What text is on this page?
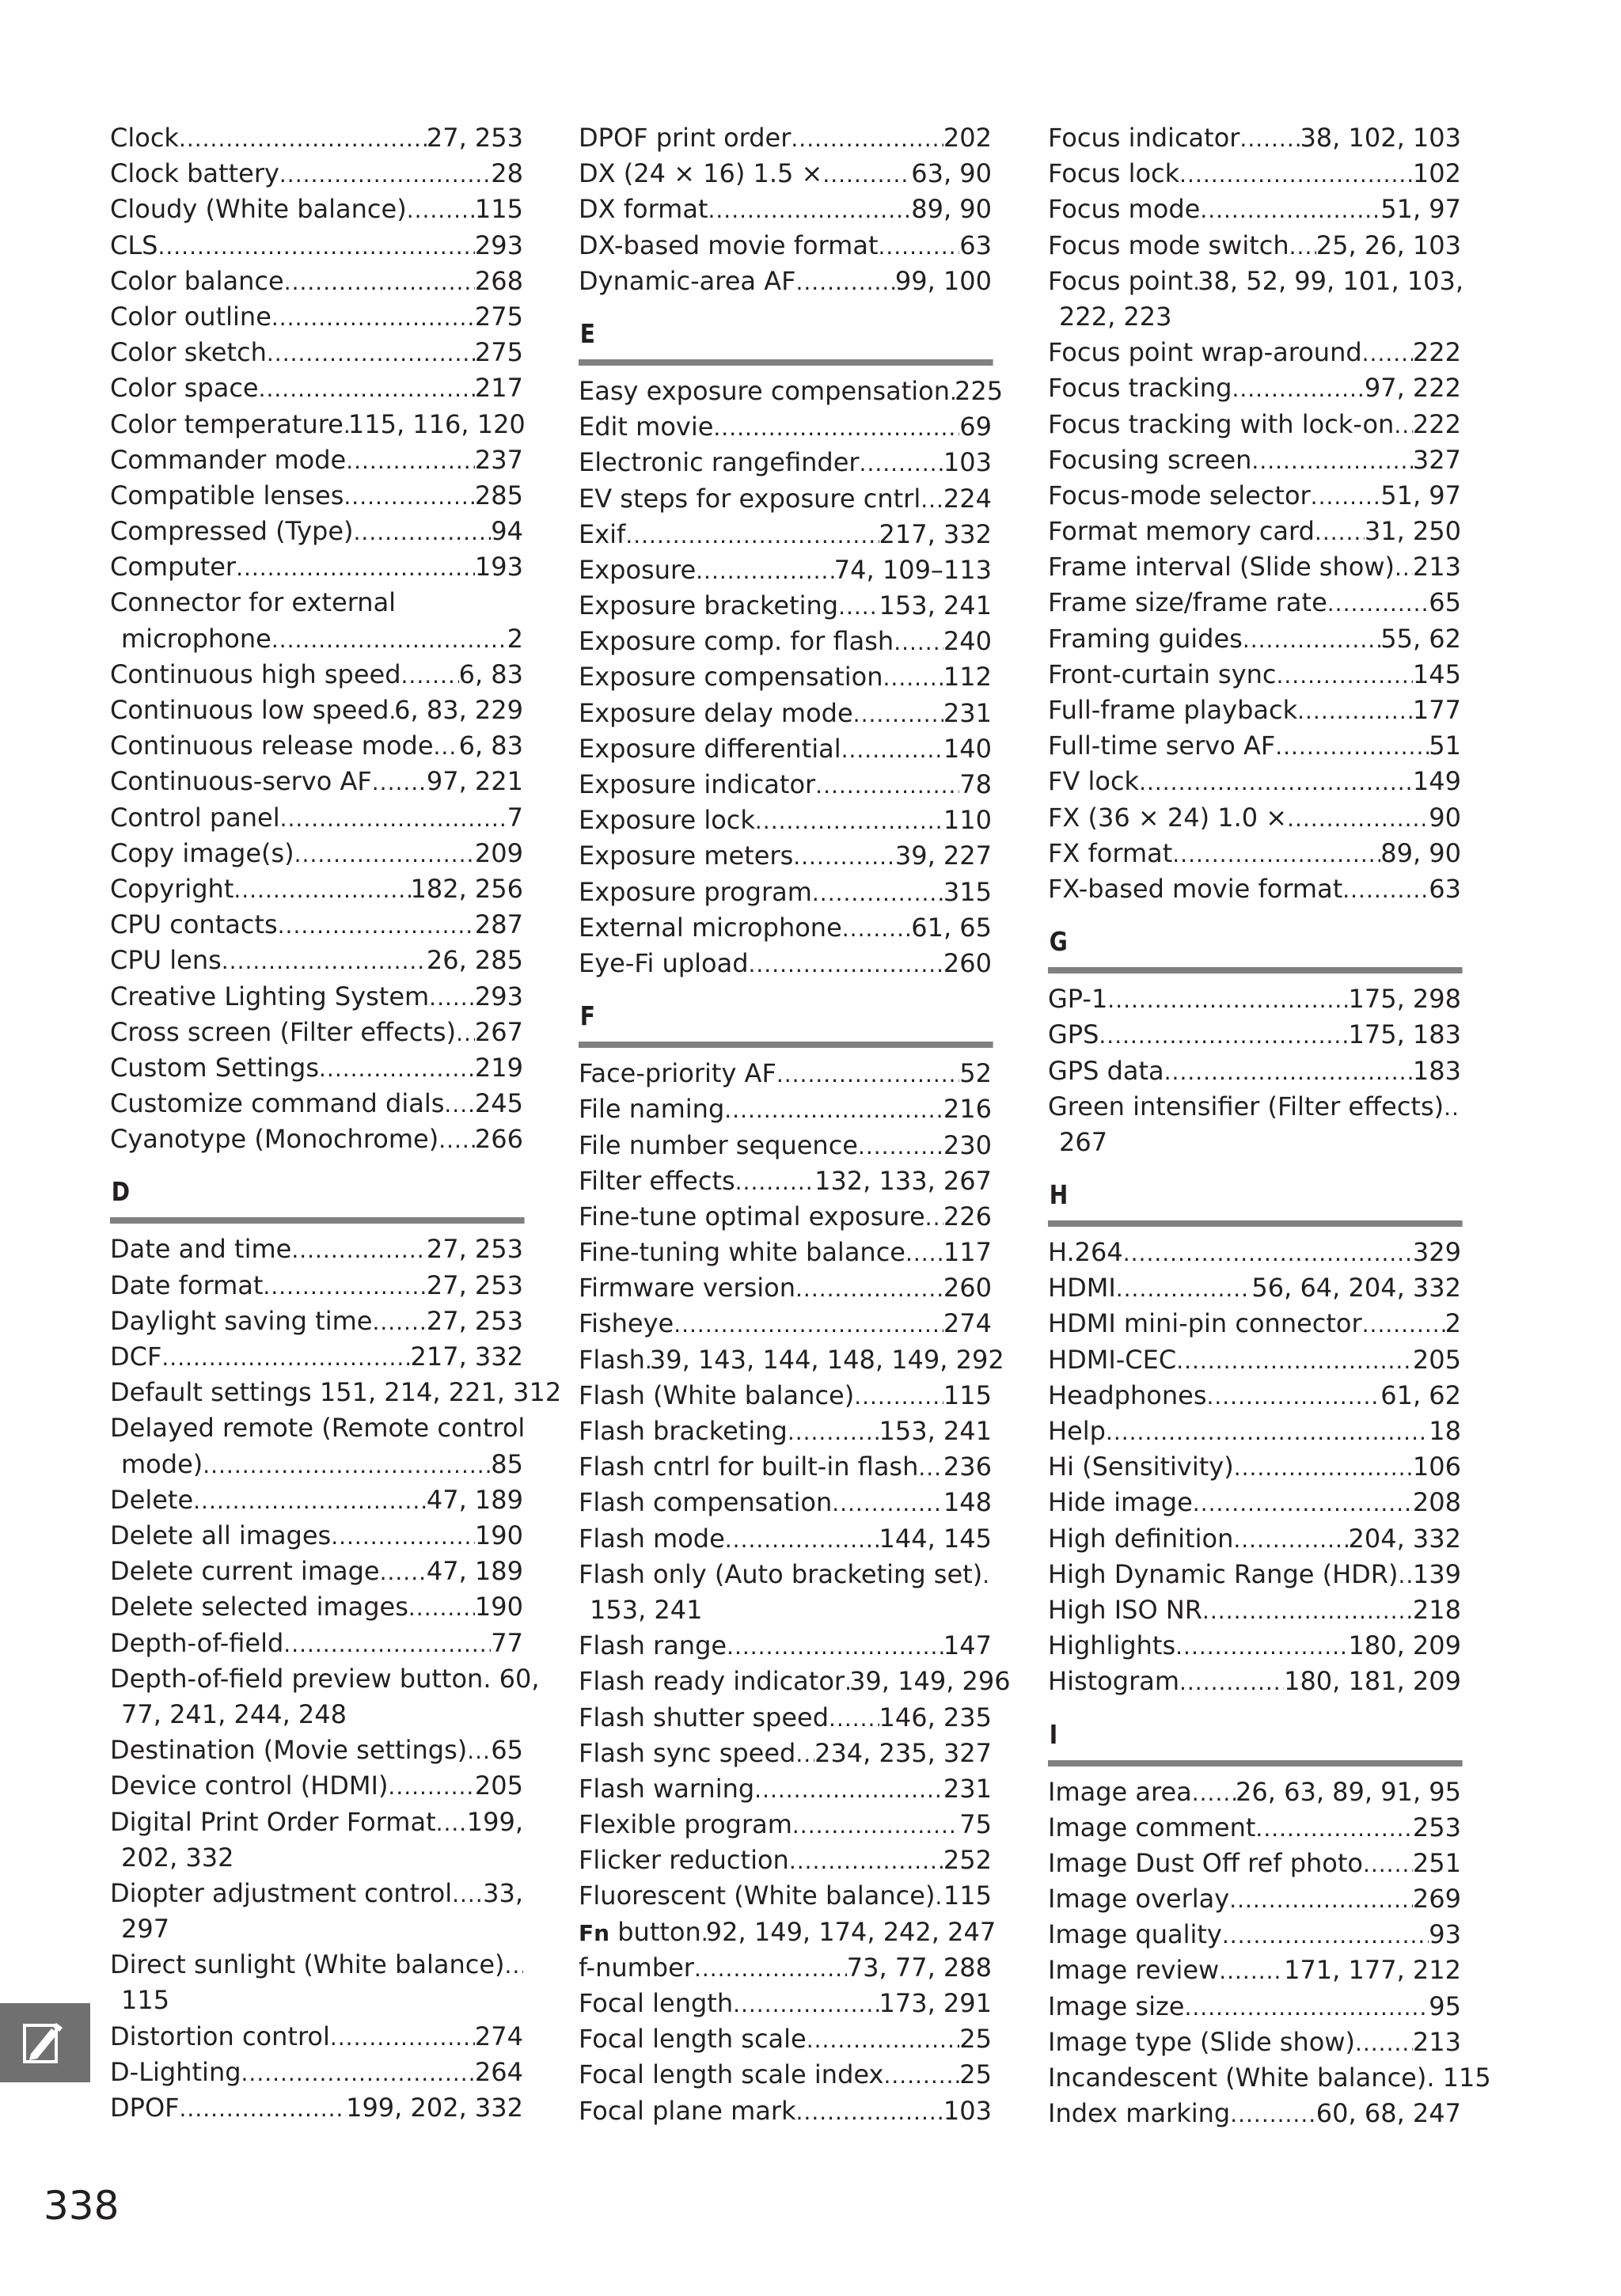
Clock .....	27, 253
Clock battery .....	28
Cloudy (White balance) .....	115
CLS .....	293
Color balance .....	268
Color outline .....	275
Color sketch .....	275
Color space .....	217
Color temperature ..... 115, 116, 120
Commander mode .....	237
Compatible lenses .....	285
Compressed (Type) .....	94
Computer .....	193
Connector for external
microphone .....	2
Continuous high speed ..... 6, 83
Continuous low speed ..... 6, 83, 229
Continuous release mode ..... 6, 83
Continuous-servo AF ..... 97, 221
Control panel .....	7
Copy image(s) .....	209
Copyright .....	182, 256
CPU contacts .....	287
CPU lens .....	26, 285
Creative Lighting System ..... 293
Cross screen (Filter effects) ..... 267
Custom Settings .....	219
Customize command dials ..... 245
Cyanotype (Monochrome) ..... 266
D
Date and time .....	27, 253
Date format .....	27, 253
Daylight saving time ..... 27, 253
DCF .....	217, 332
Default settings 151, 214, 221, 312
Delayed remote (Remote control
mode) .....	85
Delete .....	47, 189
Delete all images .....	190
Delete current image ..... 47, 189
Delete selected images .....	190
Depth-of-field .....	77
Depth-of-field preview button. 60,
77, 241, 244, 248
Destination (Movie settings) ..... 65
Device control (HDMI) .....	205
Digital Print Order Format ..... 199,
202, 332
Diopter adjustment control ..... 33,
297
Direct sunlight (White balance)
.....
115
Distortion control .....	274
D-Lighting .....	264
DPOF .....	199, 202, 332
DPOF print order .....	202
DX (24 × 16) 1.5 × .....	63, 90
DX format .....	89, 90
DX-based movie format .....	63
Dynamic-area AF .....	99, 100
E
Easy exposure compensation ..... 225
Edit movie .....	69
Electronic rangefinder .....	103
EV steps for exposure cntrl ..... 224
Exif .....	217, 332
Exposure .....	74, 109–113
Exposure bracketing ..... 153, 241
Exposure comp. for flash ..... 240
Exposure compensation ..... 112
Exposure delay mode .....	231
Exposure differential .....	140
Exposure indicator .....	78
Exposure lock .....	110
Exposure meters .....	39, 227
Exposure program .....	315
External microphone .....	61, 65
Eye-Fi upload .....	260
F
Face-priority AF .....	52
File naming .....	216
File number sequence .....	230
Filter effects .....	132, 133, 267
Fine-tune optimal exposure ..... 226
Fine-tuning white balance ..... 117
Firmware version .....	260
Fisheye .....	274
Flash ..... 39, 143, 144, 148, 149, 292
Flash (White balance) .....	115
Flash bracketing .....	153, 241
Flash cntrl for built-in flash ..... 236
Flash compensation .....	148
Flash mode .....	144, 145
Flash only (Auto bracketing set)
.....
153, 241
Flash range .....	147
Flash ready indicator ..... 39, 149, 296
Flash shutter speed ..... 146, 235
Flash sync speed ..... 234, 235, 327
Flash warning .....	231
Flexible program .....	75
Flicker reduction .....	252
Fluorescent (White balance) ..... 115
Fn button ..... 92, 149, 174, 242, 247
f-number .....	73, 77, 288
Focal length .....	173, 291
Focal length scale .....	25
Focal length scale index .....	25
Focal plane mark .....	103
Focus indicator ..... 38, 102, 103
Focus lock .....	102
Focus mode .....	51, 97
Focus mode switch ..... 25, 26, 103
Focus point ..... 38, 52, 99, 101, 103,
222, 223
Focus point wrap-around ..... 222
Focus tracking .....	97, 222
Focus tracking with lock-on ..... 222
Focusing screen .....	327
Focus-mode selector .....	51, 97
Format memory card ..... 31, 250
Frame interval (Slide show) ..... 213
Frame size/frame rate .....	65
Framing guides .....	55, 62
Front-curtain sync .....	145
Full-frame playback .....	177
Full-time servo AF .....	51
FV lock .....	149
FX (36 × 24) 1.0 × .....	90
FX format .....	89, 90
FX-based movie format .....	63
G
GP-1 .....	175, 298
GPS .....	175, 183
GPS data .....	183
Green intensifier (Filter effects)
.....
267
H
H.264 .....	329
HDMI .....	56, 64, 204, 332
HDMI mini-pin connector .....	2
HDMI-CEC .....	205
Headphones .....	61, 62
Help .....	18
Hi (Sensitivity) .....	106
Hide image .....	208
High definition .....	204, 332
High Dynamic Range (HDR) ..... 139
High ISO NR .....	218
Highlights .....	180, 209
Histogram .....	180, 181, 209
I
Image area ..... 26, 63, 89, 91, 95
Image comment .....	253
Image Dust Off ref photo ..... 251
Image overlay .....	269
Image quality .....	93
Image review .....	171, 177, 212
Image size .....	95
Image type (Slide show) ..... 213
Incandescent (White balance). 115
Index marking .....	60, 68, 247
338
